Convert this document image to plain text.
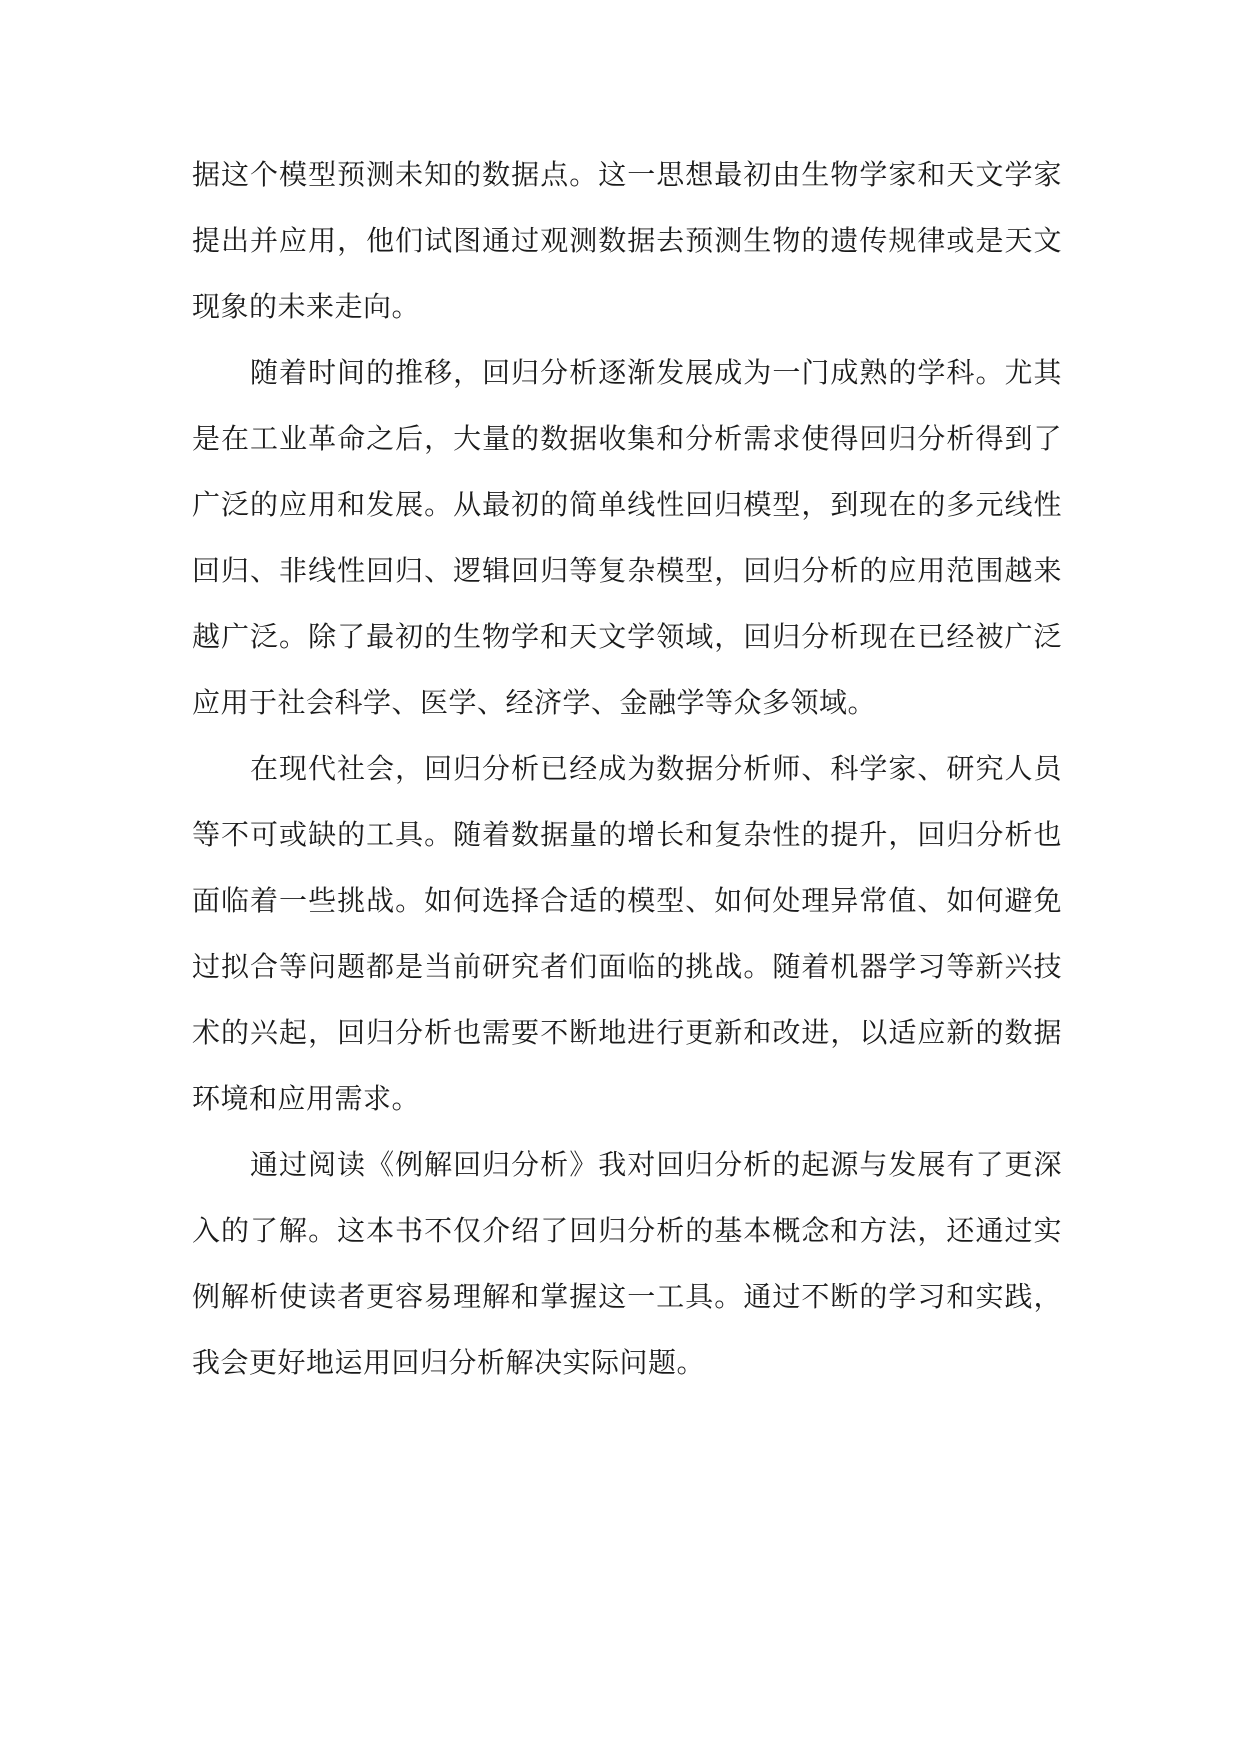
据这个模型预测未知的数据点。这一思想最初由生物学家和天文学家提出并应用，他们试图通过观测数据去预测生物的遗传规律或是天文现象的未来走向。

随着时间的推移，回归分析逐渐发展成为一门成熟的学科。尤其是在工业革命之后，大量的数据收集和分析需求使得回归分析得到了广泛的应用和发展。从最初的简单线性回归模型，到现在的多元线性回归、非线性回归、逻辑回归等复杂模型，回归分析的应用范围越来越广泛。除了最初的生物学和天文学领域，回归分析现在已经被广泛应用于社会科学、医学、经济学、金融学等众多领域。

在现代社会，回归分析已经成为数据分析师、科学家、研究人员等不可或缺的工具。随着数据量的增长和复杂性的提升，回归分析也面临着一些挑战。如何选择合适的模型、如何处理异常值、如何避免过拟合等问题都是当前研究者们面临的挑战。随着机器学习等新兴技术的兴起，回归分析也需要不断地进行更新和改进，以适应新的数据环境和应用需求。

通过阅读《例解回归分析》我对回归分析的起源与发展有了更深入的了解。这本书不仅介绍了回归分析的基本概念和方法，还通过实例解析使读者更容易理解和掌握这一工具。通过不断的学习和实践，我会更好地运用回归分析解决实际问题。
